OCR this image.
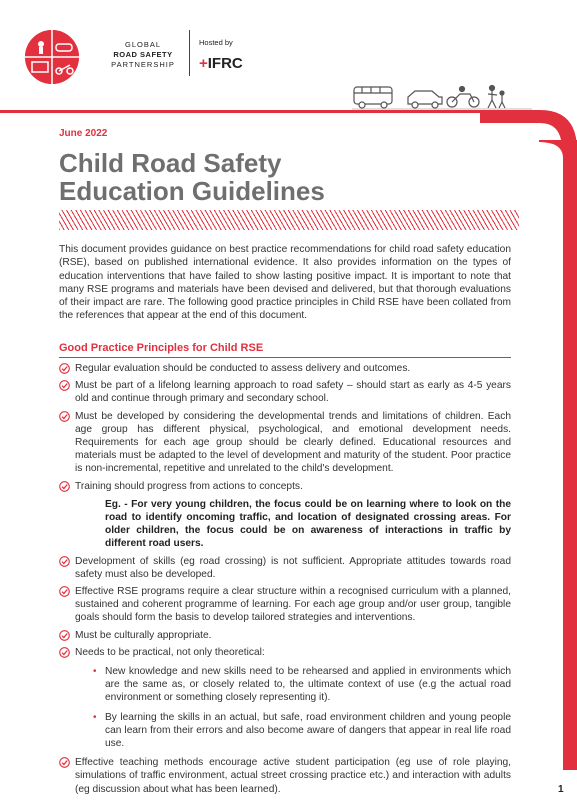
GLOBAL
ROAD SAFETY
PARTNERSHIP
Hosted by
+IFRC
June 2022
Child Road Safety
Education Guidelines

This document provides guidance on best practice recommendations for child road safety education (RSE), based on published international evidence. It also provides information on the types of education interventions that have failed to show lasting positive impact. It is important to note that many RSE programs and materials have been devised and delivered, but that thorough evaluations of their impact are rare. The following good practice principles in Child RSE have been collated from the references that appear at the end of this document.

Good Practice Principles for Child RSE
Regular evaluation should be conducted to assess delivery and outcomes.
Must be part of a lifelong learning approach to road safety – should start as early as 4-5 years old and continue through primary and secondary school.
Must be developed by considering the developmental trends and limitations of children. Each age group has different physical, psychological, and emotional development needs. Requirements for each age group should be clearly defined. Educational resources and materials must be adapted to the level of development and maturity of the student. Poor practice is non-incremental, repetitive and unrelated to the child's development.
Training should progress from actions to concepts.
Eg. - For very young children, the focus could be on learning where to look on the road to identify oncoming traffic, and location of designated crossing areas. For older children, the focus could be on awareness of interactions in traffic by different road users.
Development of skills (eg road crossing) is not sufficient. Appropriate attitudes towards road safety must also be developed.
Effective RSE programs require a clear structure within a recognised curriculum with a planned, sustained and coherent programme of learning. For each age group and/or user group, tangible goals should form the basis to develop tailored strategies and interventions.
Must be culturally appropriate.
Needs to be practical, not only theoretical:
• New knowledge and new skills need to be rehearsed and applied in environments which are the same as, or closely related to, the ultimate context of use (e.g the actual road environment or something closely representing it).
• By learning the skills in an actual, but safe, road environment children and young people can learn from their errors and also become aware of dangers that appear in real life road use.
Effective teaching methods encourage active student participation (eg use of role playing, simulations of traffic environment, actual street crossing practice etc.) and interaction with adults (eg discussion about what has been learned).	1
